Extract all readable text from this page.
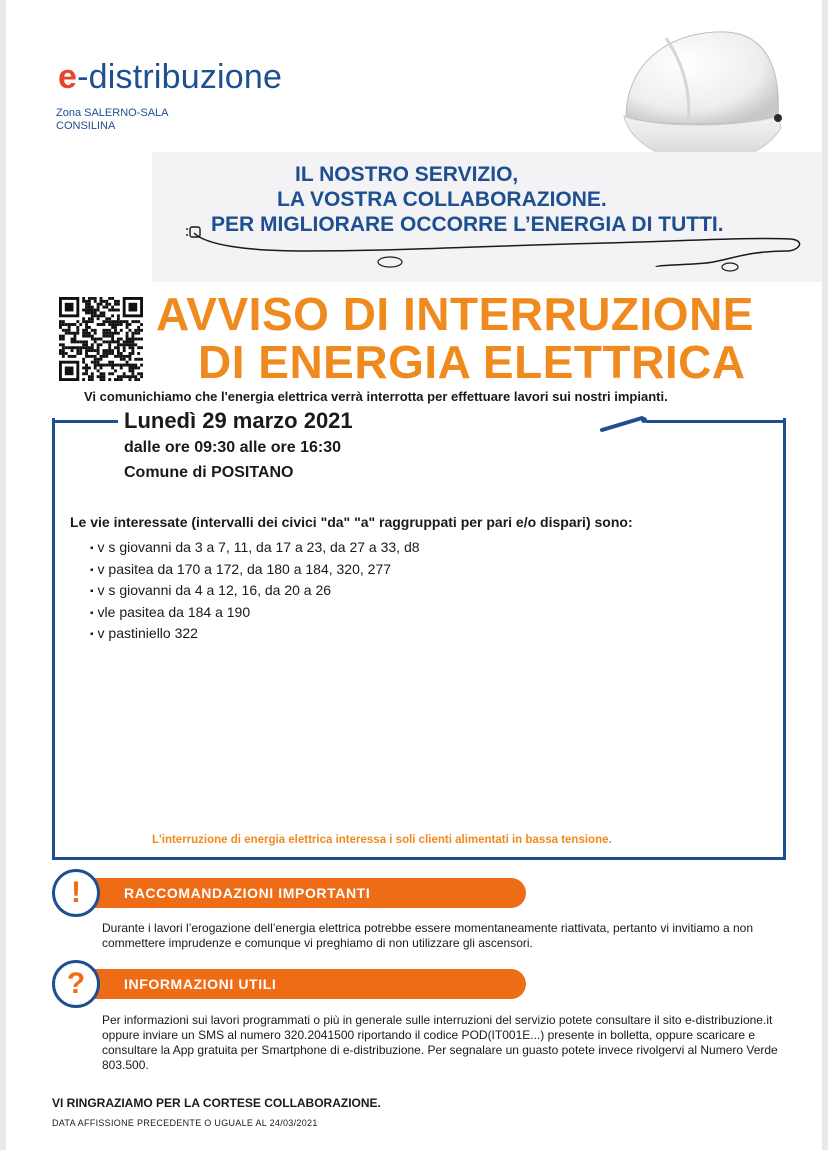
e-distribuzione
Zona SALERNO-SALA CONSILINA
IL NOSTRO SERVIZIO,
LA VOSTRA COLLABORAZIONE.
PER MIGLIORARE OCCORRE L’ENERGIA DI TUTTI.
AVVISO DI INTERRUZIONE
DI ENERGIA ELETTRICA
Vi comunichiamo che l'energia elettrica verrà interrotta per effettuare lavori sui nostri impianti.
Lunedì 29 marzo 2021
dalle ore 09:30 alle ore 16:30
Comune di POSITANO
Le vie interessate (intervalli dei civici "da" "a" raggruppati per pari e/o dispari) sono:
▪ v s giovanni da 3 a 7, 11, da 17 a 23, da 27 a 33, d8
▪ v pasitea da 170 a 172, da 180 a 184, 320, 277
▪ v s giovanni da 4 a 12, 16, da 20 a 26
▪ vle pasitea da 184 a 190
▪ v pastiniello 322
L'interruzione di energia elettrica interessa i soli clienti alimentati in bassa tensione.
RACCOMANDAZIONI IMPORTANTI
!
Durante i lavori l’erogazione dell’energia elettrica potrebbe essere momentaneamente riattivata, pertanto vi invitiamo a non commettere imprudenze e comunque vi preghiamo di non utilizzare gli ascensori.
INFORMAZIONI UTILI
?
Per informazioni sui lavori programmati o più in generale sulle interruzioni del servizio potete consultare il sito e-distribuzione.it oppure inviare un SMS al numero 320.2041500 riportando il codice POD(IT001E...) presente in bolletta, oppure scaricare e consultare la App gratuita per Smartphone di e-distribuzione. Per segnalare un guasto potete invece rivolgervi al Numero Verde 803.500.
VI RINGRAZIAMO PER LA CORTESE COLLABORAZIONE.
DATA AFFISSIONE PRECEDENTE O UGUALE AL 24/03/2021
